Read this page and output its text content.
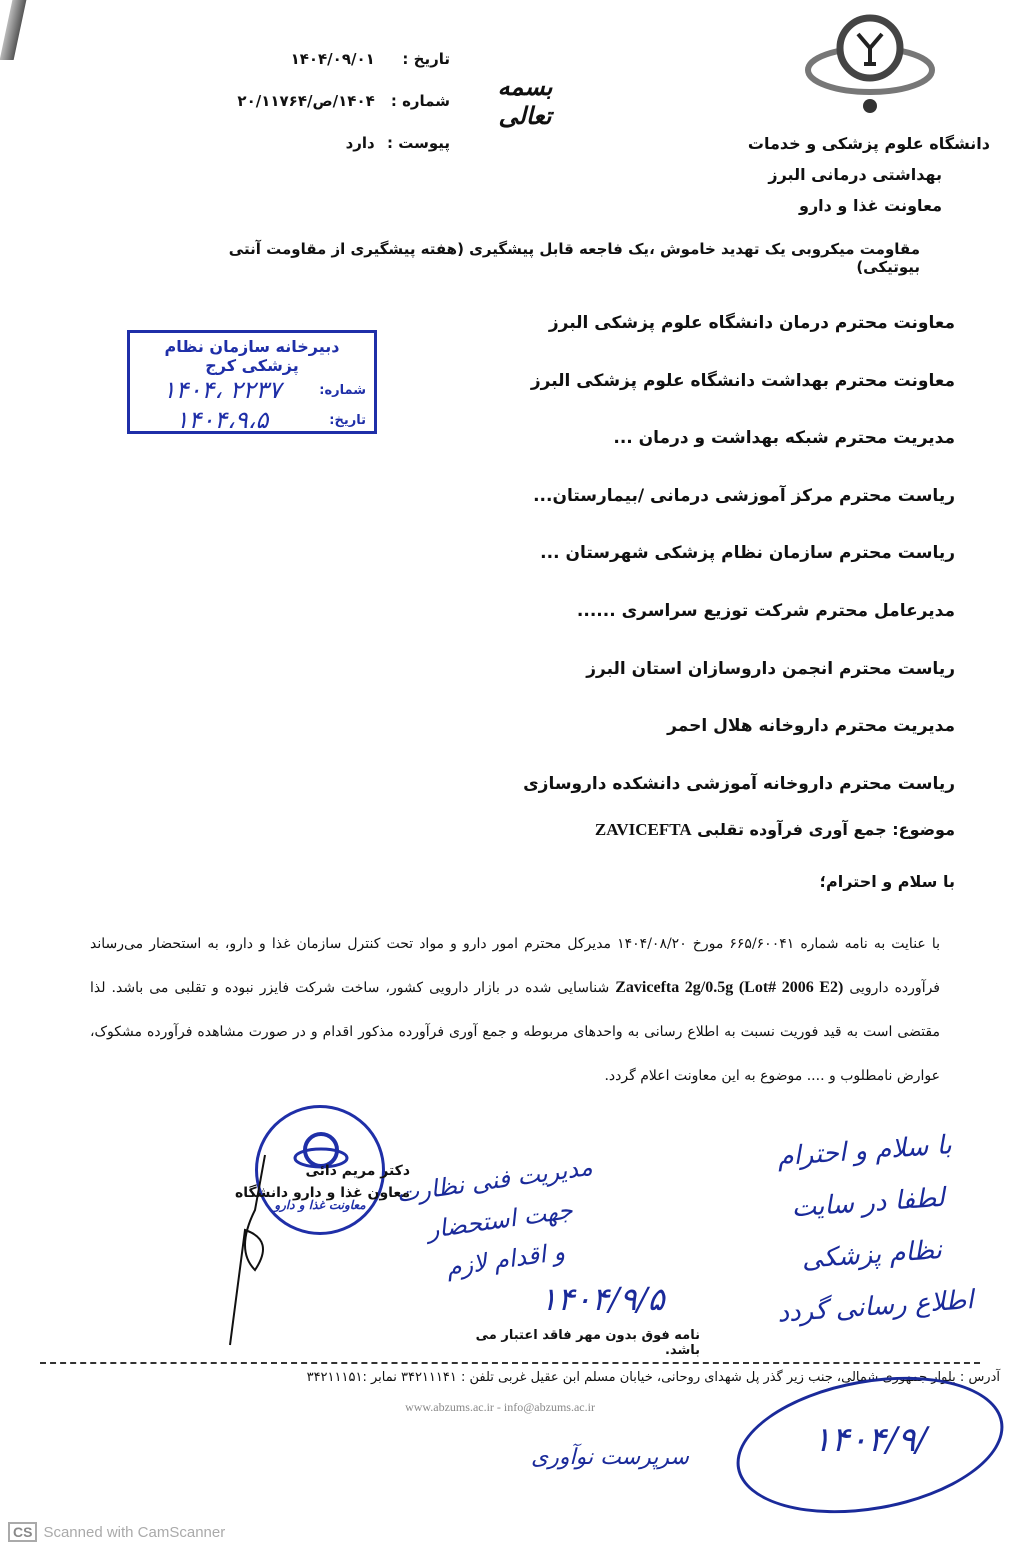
تاریخ : ۱۴۰۴/۰۹/۰۱
شماره : ۱۴۰۴/ص/۲۰/۱۱۷۶۴
پیوست : دارد
بسمه تعالی
دانشگاه علوم پزشکی و خدمات
بهداشتی درمانی البرز
معاونت غذا و دارو
مقاومت میکروبی یک تهدید خاموش ،یک فاجعه قابل پیشگیری (هفته پیشگیری از مقاومت آنتی بیوتیکی)
دبیرخانه سازمان نظام پزشکی کرج
شماره:
۱۴۰۴، ۲۲۳۷
تاریخ:
۱۴۰۴،۹،۵
معاونت محترم درمان دانشگاه علوم پزشکی البرز
معاونت محترم بهداشت دانشگاه علوم پزشکی البرز
مدیریت محترم شبکه بهداشت و درمان ...
ریاست محترم مرکز آموزشی درمانی /بیمارستان...
ریاست محترم سازمان نظام پزشکی شهرستان ...
مدیرعامل محترم شرکت توزیع سراسری ......
ریاست محترم انجمن داروسازان استان البرز
مدیریت محترم داروخانه هلال احمر
ریاست محترم داروخانه آموزشی دانشکده داروسازی
موضوع: جمع آوری فرآوده تقلبی ZAVICEFTA
با سلام و احترام؛
با عنایت به نامه شماره ۶۶۵/۶۰۰۴۱ مورخ ۱۴۰۴/۰۸/۲۰ مدیرکل محترم امور دارو و مواد تحت کنترل سازمان غذا و دارو، به استحضار می‌رساند فرآورده دارویی Zavicefta 2g/0.5g (Lot# 2006 E2) شناسایی شده در بازار دارویی کشور، ساخت شرکت فایزر نبوده و تقلبی می باشد. لذا مقتضی است به قید فوریت نسبت به اطلاع رسانی به واحدهای مربوطه و جمع آوری فرآورده مذکور اقدام و در صورت مشاهده فرآورده مشکوک، عوارض نامطلوب و .... موضوع به این معاونت اعلام گردد.
معاونت غذا و دارو
دکتر مریم دائی
معاون غذا و دارو دانشگاه
مدیریت فنی نظارت
جهت استحضار
و اقدام لازم
۱۴۰۴/۹/۵
با سلام و احترام
لطفا در سایت
نظام پزشکی
اطلاع رسانی گردد
نامه فوق بدون مهر فاقد اعتبار می باشد.
آدرس : بلوار جمهوری شمالی، جنب زیر گذر پل شهدای روحانی، خیابان مسلم ابن عقیل غربی تلفن : ۳۴۲۱۱۱۴۱ نمابر :۳۴۲۱۱۱۵۱
www.abzums.ac.ir - info@abzums.ac.ir
۱۴۰۴/۹/
سرپرست نوآوری
CS Scanned with CamScanner
